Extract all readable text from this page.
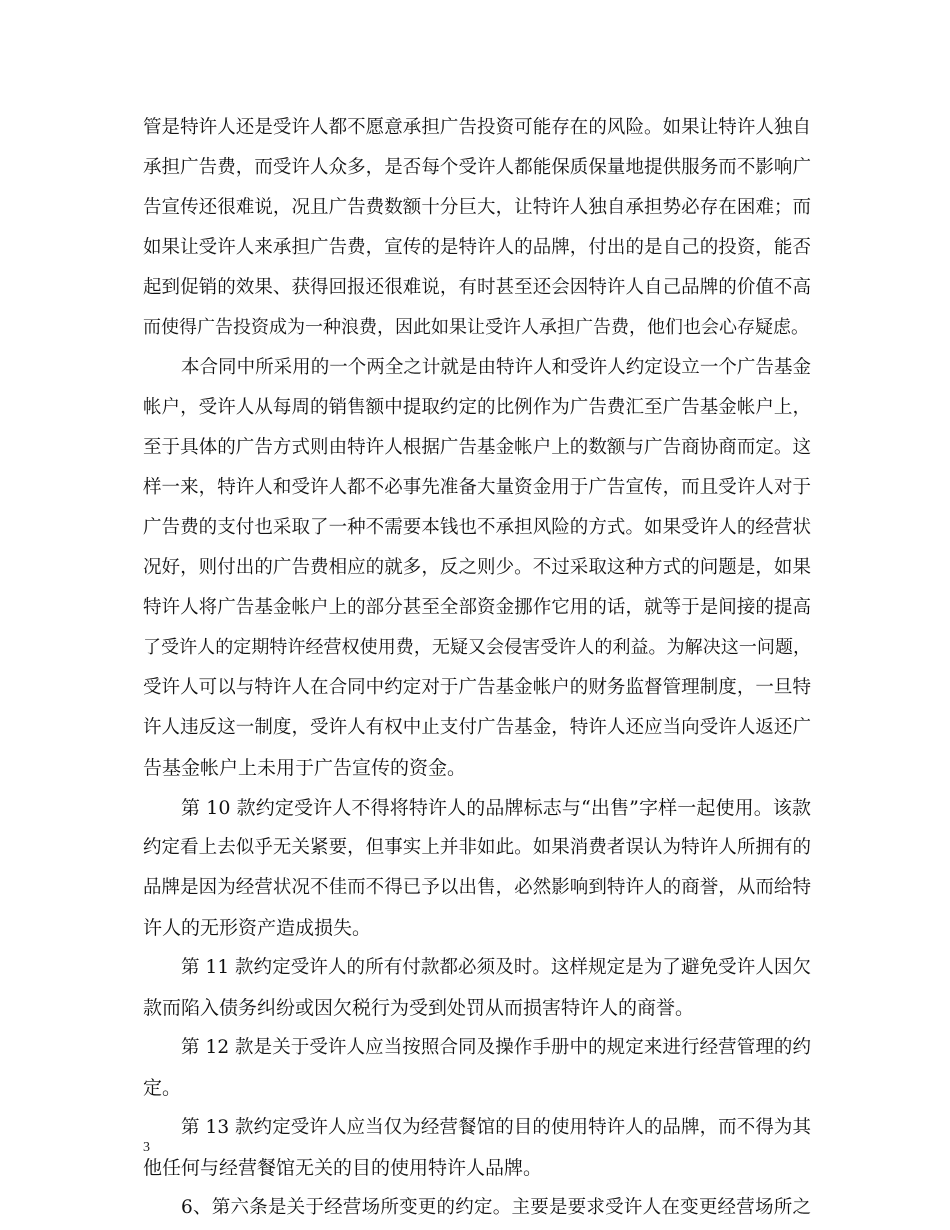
管是特许人还是受许人都不愿意承担广告投资可能存在的风险。如果让特许人独自
承担广告费，而受许人众多，是否每个受许人都能保质保量地提供服务而不影响广
告宣传还很难说，况且广告费数额十分巨大，让特许人独自承担势必存在困难；而
如果让受许人来承担广告费，宣传的是特许人的品牌，付出的是自己的投资，能否
起到促销的效果、获得回报还很难说，有时甚至还会因特许人自己品牌的价值不高
而使得广告投资成为一种浪费，因此如果让受许人承担广告费，他们也会心存疑虑。
本合同中所采用的一个两全之计就是由特许人和受许人约定设立一个广告基金
帐户，受许人从每周的销售额中提取约定的比例作为广告费汇至广告基金帐户上，
至于具体的广告方式则由特许人根据广告基金帐户上的数额与广告商协商而定。这
样一来，特许人和受许人都不必事先准备大量资金用于广告宣传，而且受许人对于
广告费的支付也采取了一种不需要本钱也不承担风险的方式。如果受许人的经营状
况好，则付出的广告费相应的就多，反之则少。不过采取这种方式的问题是，如果
特许人将广告基金帐户上的部分甚至全部资金挪作它用的话，就等于是间接的提高
了受许人的定期特许经营权使用费，无疑又会侵害受许人的利益。为解决这一问题，
受许人可以与特许人在合同中约定对于广告基金帐户的财务监督管理制度，一旦特
许人违反这一制度，受许人有权中止支付广告基金，特许人还应当向受许人返还广
告基金帐户上未用于广告宣传的资金。
第 10 款约定受许人不得将特许人的品牌标志与“出售”字样一起使用。该款
约定看上去似乎无关紧要，但事实上并非如此。如果消费者误认为特许人所拥有的
品牌是因为经营状况不佳而不得已予以出售，必然影响到特许人的商誉，从而给特
许人的无形资产造成损失。
第 11 款约定受许人的所有付款都必须及时。这样规定是为了避免受许人因欠
款而陷入债务纠纷或因欠税行为受到处罚从而损害特许人的商誉。
第 12 款是关于受许人应当按照合同及操作手册中的规定来进行经营管理的约
定。
第 13 款约定受许人应当仅为经营餐馆的目的使用特许人的品牌，而不得为其
他任何与经营餐馆无关的目的使用特许人品牌。
6、第六条是关于经营场所变更的约定。主要是要求受许人在变更经营场所之
3
